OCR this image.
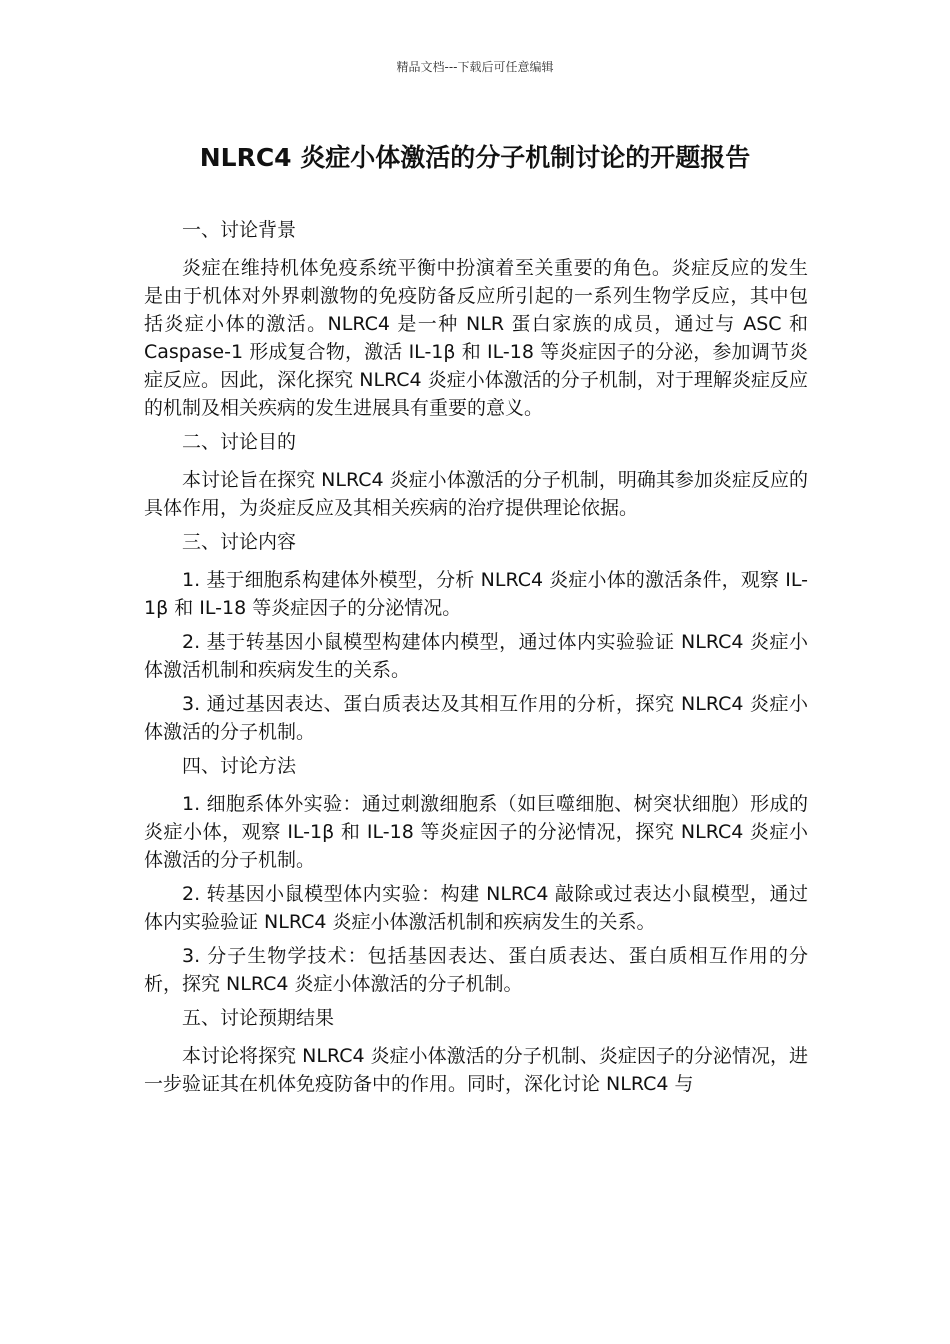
精品文档---下载后可任意编辑
NLRC4 炎症小体激活的分子机制讨论的开题报告

一、讨论背景

炎症在维持机体免疫系统平衡中扮演着至关重要的角色。炎症反应的发生是由于机体对外界刺激物的免疫防备反应所引起的一系列生物学反应，其中包括炎症小体的激活。NLRC4 是一种 NLR 蛋白家族的成员，通过与 ASC 和 Caspase-1 形成复合物，激活 IL-1β 和 IL-18 等炎症因子的分泌，参加调节炎症反应。因此，深化探究 NLRC4 炎症小体激活的分子机制，对于理解炎症反应的机制及相关疾病的发生进展具有重要的意义。

二、讨论目的

本讨论旨在探究 NLRC4 炎症小体激活的分子机制，明确其参加炎症反应的具体作用，为炎症反应及其相关疾病的治疗提供理论依据。

三、讨论内容

1. 基于细胞系构建体外模型，分析 NLRC4 炎症小体的激活条件，观察 IL-1β 和 IL-18 等炎症因子的分泌情况。

2. 基于转基因小鼠模型构建体内模型，通过体内实验验证 NLRC4 炎症小体激活机制和疾病发生的关系。

3. 通过基因表达、蛋白质表达及其相互作用的分析，探究 NLRC4 炎症小体激活的分子机制。

四、讨论方法

1. 细胞系体外实验：通过刺激细胞系（如巨噬细胞、树突状细胞）形成的炎症小体，观察 IL-1β 和 IL-18 等炎症因子的分泌情况，探究 NLRC4 炎症小体激活的分子机制。

2. 转基因小鼠模型体内实验：构建 NLRC4 敲除或过表达小鼠模型，通过体内实验验证 NLRC4 炎症小体激活机制和疾病发生的关系。

3. 分子生物学技术：包括基因表达、蛋白质表达、蛋白质相互作用的分析，探究 NLRC4 炎症小体激活的分子机制。

五、讨论预期结果

本讨论将探究 NLRC4 炎症小体激活的分子机制、炎症因子的分泌情况，进一步验证其在机体免疫防备中的作用。同时，深化讨论 NLRC4 与
